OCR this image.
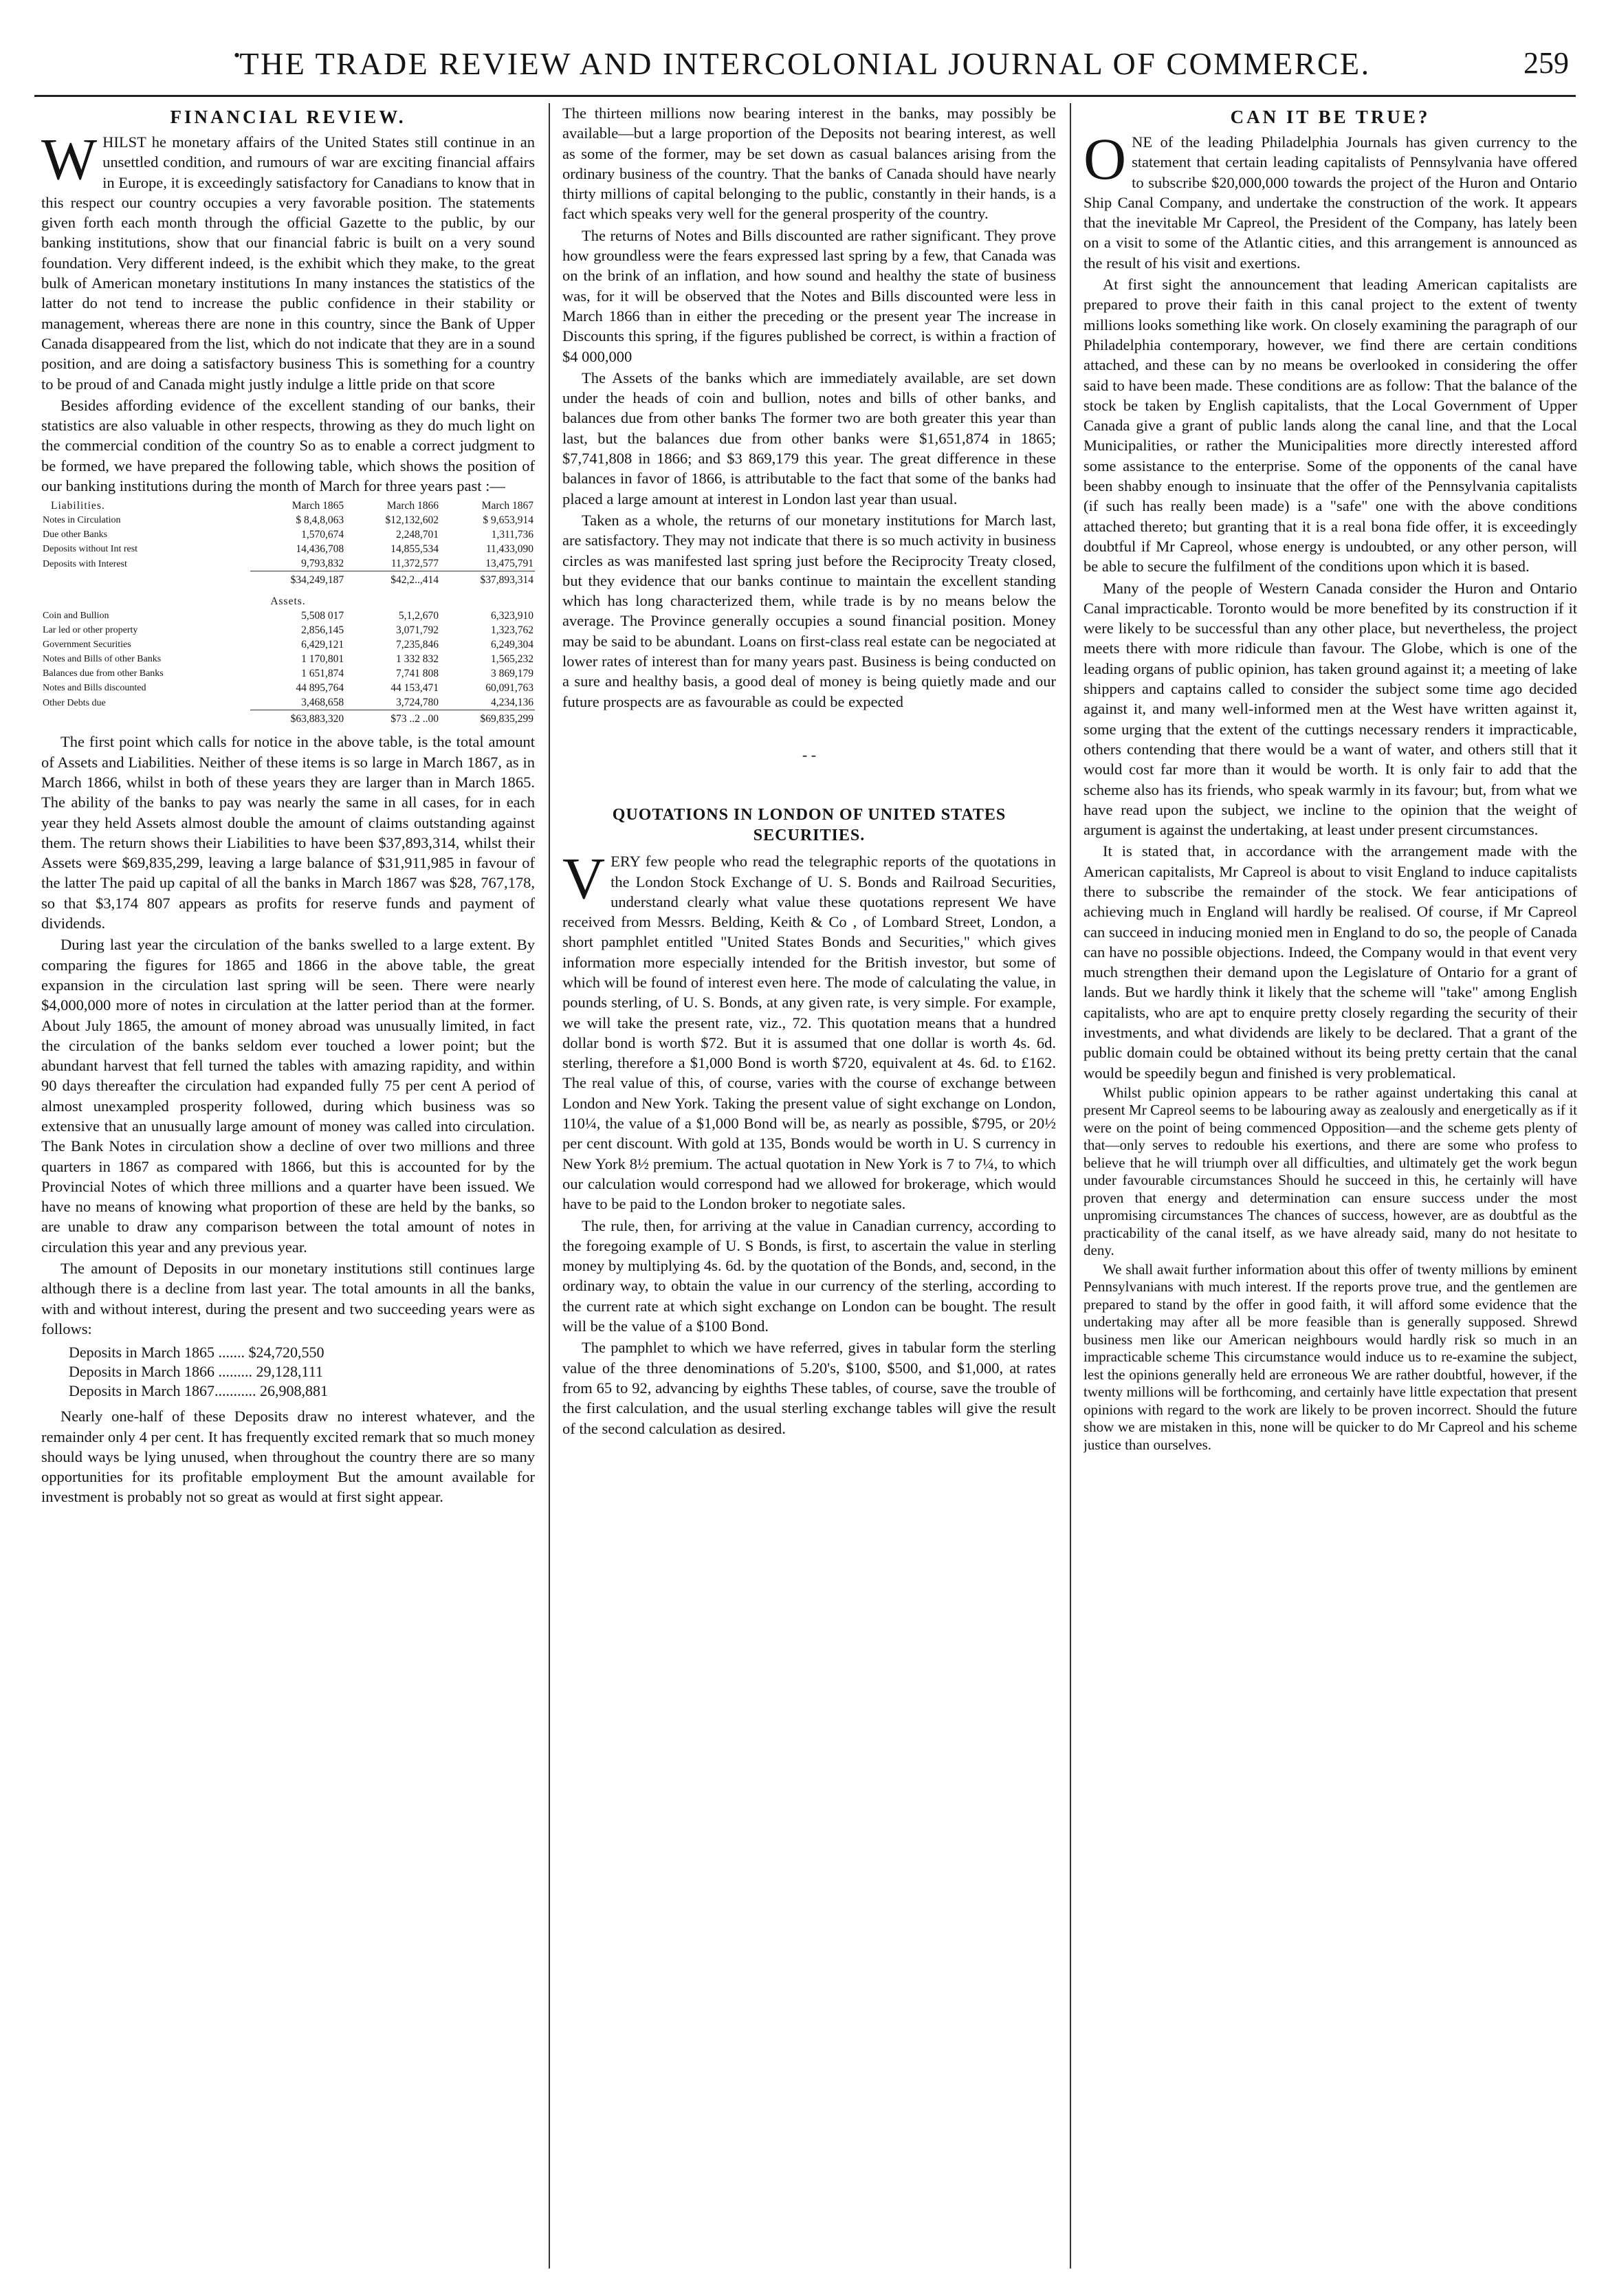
• THE TRADE REVIEW AND INTERCOLONIAL JOURNAL OF COMMERCE.	259
FINANCIAL REVIEW.

WHILST he monetary affairs of the United States still continue in an unsettled condition, and rumours of war are exciting financial affairs in Europe, it is exceedingly satisfactory for Canadians to know that in this respect our country occupies a very favorable position. The statements given forth each month through the official Gazette to the public, by our banking institutions, show that our financial fabric is built on a very sound foundation. Very different indeed, is the exhibit which they make, to the great bulk of American monetary institutions In many instances the statistics of the latter do not tend to increase the public confidence in their stability or management, whereas there are none in this country, since the Bank of Upper Canada disappeared from the list, which do not indicate that they are in a sound position, and are doing a satisfactory business This is something for a country to be proud of and Canada might justly indulge a little pride on that score

Besides affording evidence of the excellent standing of our banks, their statistics are also valuable in other respects, throwing as they do much light on the commercial condition of the country So as to enable a correct judgment to be formed, we have prepared the following table, which shows the position of our banking institutions during the month of March for three years past :—

Liabilities.	March 1865	March 1866	March 1867
Notes in Circulation	$ 8,4,8,063	$12,132,602	$ 9,653,914
Due other Banks	1,570,674	2,248,701	1,311,736
Deposits without Int rest	14,436,708	14,855,534	11,433,090
Deposits with Interest	9,793,832	11,372,577	13,475,791
	$34,249,187	$42,2..,414	$37,893,314
Assets.			
Coin and Bullion	5,508 017	5,1,2,670	6,323,910
Lar led or other property	2,856,145	3,071,792	1,323,762
Government Securities	6,429,121	7,235,846	6,249,304
Notes and Bills of other Banks	1 170,801	1 332 832	1,565,232
Balances due from other Banks	1 651,874	7,741 808	3 869,179
Notes and Bills discounted	44 895,764	44 153,471	60,091,763
Other Debts due	3,468,658	3,724,780	4,234,136
	$63,883,320	$73 ..2 ..00	$69,835,299

The first point which calls for notice in the above table, is the total amount of Assets and Liabilities. Neither of these items is so large in March 1867, as in March 1866, whilst in both of these years they are larger than in March 1865. The ability of the banks to pay was nearly the same in all cases, for in each year they held Assets almost double the amount of claims outstanding against them. The return shows their Liabilities to have been $37,893,314, whilst their Assets were $69,835,299, leaving a large balance of $31,911,985 in favour of the latter The paid up capital of all the banks in March 1867 was $28, 767,178, so that $3,174 807 appears as profits for reserve funds and payment of dividends.

During last year the circulation of the banks swelled to a large extent. By comparing the figures for 1865 and 1866 in the above table, the great expansion in the circulation last spring will be seen. There were nearly $4,000,000 more of notes in circulation at the latter period than at the former. About July 1865, the amount of money abroad was unusually limited, in fact the circulation of the banks seldom ever touched a lower point; but the abundant harvest that fell turned the tables with amazing rapidity, and within 90 days thereafter the circulation had expanded fully 75 per cent A period of almost unexampled prosperity followed, during which business was so extensive that an unusually large amount of money was called into circulation. The Bank Notes in circulation show a decline of over two millions and three quarters in 1867 as compared with 1866, but this is accounted for by the Provincial Notes of which three millions and a quarter have been issued. We have no means of knowing what proportion of these are held by the banks, so are unable to draw any comparison between the total amount of notes in circulation this year and any previous year.

The amount of Deposits in our monetary institutions still continues large although there is a decline from last year. The total amounts in all the banks, with and without interest, during the present and two succeeding years were as follows:

Deposits in March 1865 ....... $24,720,550
Deposits in March 1866 ......... 29,128,111
Deposits in March 1867........... 26,908,881

Nearly one-half of these Deposits draw no interest whatever, and the remainder only 4 per cent. It has frequently excited remark that so much money should ways be lying unused, when throughout the country there are so many opportunities for its profitable employment But the amount available for investment is probably not so great as would at first sight appear.

The thirteen millions now bearing interest in the banks, may possibly be available—but a large proportion of the Deposits not bearing interest, as well as some of the former, may be set down as casual balances arising from the ordinary business of the country. That the banks of Canada should have nearly thirty millions of capital belonging to the public, constantly in their hands, is a fact which speaks very well for the general prosperity of the country.

The returns of Notes and Bills discounted are rather significant. They prove how groundless were the fears expressed last spring by a few, that Canada was on the brink of an inflation, and how sound and healthy the state of business was, for it will be observed that the Notes and Bills discounted were less in March 1866 than in either the preceding or the present year The increase in Discounts this spring, if the figures published be correct, is within a fraction of $4 000,000

The Assets of the banks which are immediately available, are set down under the heads of coin and bullion, notes and bills of other banks, and balances due from other banks The former two are both greater this year than last, but the balances due from other banks were $1,651,874 in 1865; $7,741,808 in 1866; and $3 869,179 this year. The great difference in these balances in favor of 1866, is attributable to the fact that some of the banks had placed a large amount at interest in London last year than usual.

Taken as a whole, the returns of our monetary institutions for March last, are satisfactory. They may not indicate that there is so much activity in business circles as was manifested last spring just before the Reciprocity Treaty closed, but they evidence that our banks continue to maintain the excellent standing which has long characterized them, while trade is by no means below the average. The Province generally occupies a sound financial position. Money may be said to be abundant. Loans on first-class real estate can be negociated at lower rates of interest than for many years past. Business is being conducted on a sure and healthy basis, a good deal of money is being quietly made and our future prospects are as favourable as could be expected

- -
QUOTATIONS IN LONDON OF UNITED STATES
SECURITIES.

VERY few people who read the telegraphic reports of the quotations in the London Stock Exchange of U. S. Bonds and Railroad Securities, understand clearly what value these quotations represent We have received from Messrs. Belding, Keith & Co , of Lombard Street, London, a short pamphlet entitled "United States Bonds and Securities," which gives information more especially intended for the British investor, but some of which will be found of interest even here. The mode of calculating the value, in pounds sterling, of U. S. Bonds, at any given rate, is very simple. For example, we will take the present rate, viz., 72. This quotation means that a hundred dollar bond is worth $72. But it is assumed that one dollar is worth 4s. 6d. sterling, therefore a $1,000 Bond is worth $720, equivalent at 4s. 6d. to £162. The real value of this, of course, varies with the course of exchange between London and New York. Taking the present value of sight exchange on London, 110¼, the value of a $1,000 Bond will be, as nearly as possible, $795, or 20½ per cent discount. With gold at 135, Bonds would be worth in U. S currency in New York 8½ premium. The actual quotation in New York is 7 to 7¼, to which our calculation would correspond had we allowed for brokerage, which would have to be paid to the London broker to negotiate sales.

The rule, then, for arriving at the value in Canadian currency, according to the foregoing example of U. S Bonds, is first, to ascertain the value in sterling money by multiplying 4s. 6d. by the quotation of the Bonds, and, second, in the ordinary way, to obtain the value in our currency of the sterling, according to the current rate at which sight exchange on London can be bought. The result will be the value of a $100 Bond.

The pamphlet to which we have referred, gives in tabular form the sterling value of the three denominations of 5.20's, $100, $500, and $1,000, at rates from 65 to 92, advancing by eighths These tables, of course, save the trouble of the first calculation, and the usual sterling exchange tables will give the result of the second calculation as desired.

CAN IT BE TRUE?

ONE of the leading Philadelphia Journals has given currency to the statement that certain leading capitalists of Pennsylvania have offered to subscribe $20,000,000 towards the project of the Huron and Ontario Ship Canal Company, and undertake the construction of the work. It appears that the inevitable Mr Capreol, the President of the Company, has lately been on a visit to some of the Atlantic cities, and this arrangement is announced as the result of his visit and exertions.

At first sight the announcement that leading American capitalists are prepared to prove their faith in this canal project to the extent of twenty millions looks something like work. On closely examining the paragraph of our Philadelphia contemporary, however, we find there are certain conditions attached, and these can by no means be overlooked in considering the offer said to have been made. These conditions are as follow: That the balance of the stock be taken by English capitalists, that the Local Government of Upper Canada give a grant of public lands along the canal line, and that the Local Municipalities, or rather the Municipalities more directly interested afford some assistance to the enterprise. Some of the opponents of the canal have been shabby enough to insinuate that the offer of the Pennsylvania capitalists (if such has really been made) is a "safe" one with the above conditions attached thereto; but granting that it is a real bona fide offer, it is exceedingly doubtful if Mr Capreol, whose energy is undoubted, or any other person, will be able to secure the fulfilment of the conditions upon which it is based.

Many of the people of Western Canada consider the Huron and Ontario Canal impracticable. Toronto would be more benefited by its construction if it were likely to be successful than any other place, but nevertheless, the project meets there with more ridicule than favour. The Globe, which is one of the leading organs of public opinion, has taken ground against it; a meeting of lake shippers and captains called to consider the subject some time ago decided against it, and many well-informed men at the West have written against it, some urging that the extent of the cuttings necessary renders it impracticable, others contending that there would be a want of water, and others still that it would cost far more than it would be worth. It is only fair to add that the scheme also has its friends, who speak warmly in its favour; but, from what we have read upon the subject, we incline to the opinion that the weight of argument is against the undertaking, at least under present circumstances.

It is stated that, in accordance with the arrangement made with the American capitalists, Mr Capreol is about to visit England to induce capitalists there to subscribe the remainder of the stock. We fear anticipations of achieving much in England will hardly be realised. Of course, if Mr Capreol can succeed in inducing monied men in England to do so, the people of Canada can have no possible objections. Indeed, the Company would in that event very much strengthen their demand upon the Legislature of Ontario for a grant of lands. But we hardly think it likely that the scheme will "take" among English capitalists, who are apt to enquire pretty closely regarding the security of their investments, and what dividends are likely to be declared. That a grant of the public domain could be obtained without its being pretty certain that the canal would be speedily begun and finished is very problematical.

Whilst public opinion appears to be rather against undertaking this canal at present Mr Capreol seems to be labouring away as zealously and energetically as if it were on the point of being commenced Opposition—and the scheme gets plenty of that—only serves to redouble his exertions, and there are some who profess to believe that he will triumph over all difficulties, and ultimately get the work begun under favourable circumstances Should he succeed in this, he certainly will have proven that energy and determination can ensure success under the most unpromising circumstances The chances of success, however, are as doubtful as the practicability of the canal itself, as we have already said, many do not hesitate to deny.

We shall await further information about this offer of twenty millions by eminent Pennsylvanians with much interest. If the reports prove true, and the gentlemen are prepared to stand by the offer in good faith, it will afford some evidence that the undertaking may after all be more feasible than is generally supposed. Shrewd business men like our American neighbours would hardly risk so much in an impracticable scheme This circumstance would induce us to re-examine the subject, lest the opinions generally held are erroneous We are rather doubtful, however, if the twenty millions will be forthcoming, and certainly have little expectation that present opinions with regard to the work are likely to be proven incorrect. Should the future show we are mistaken in this, none will be quicker to do Mr Capreol and his scheme justice than ourselves.
